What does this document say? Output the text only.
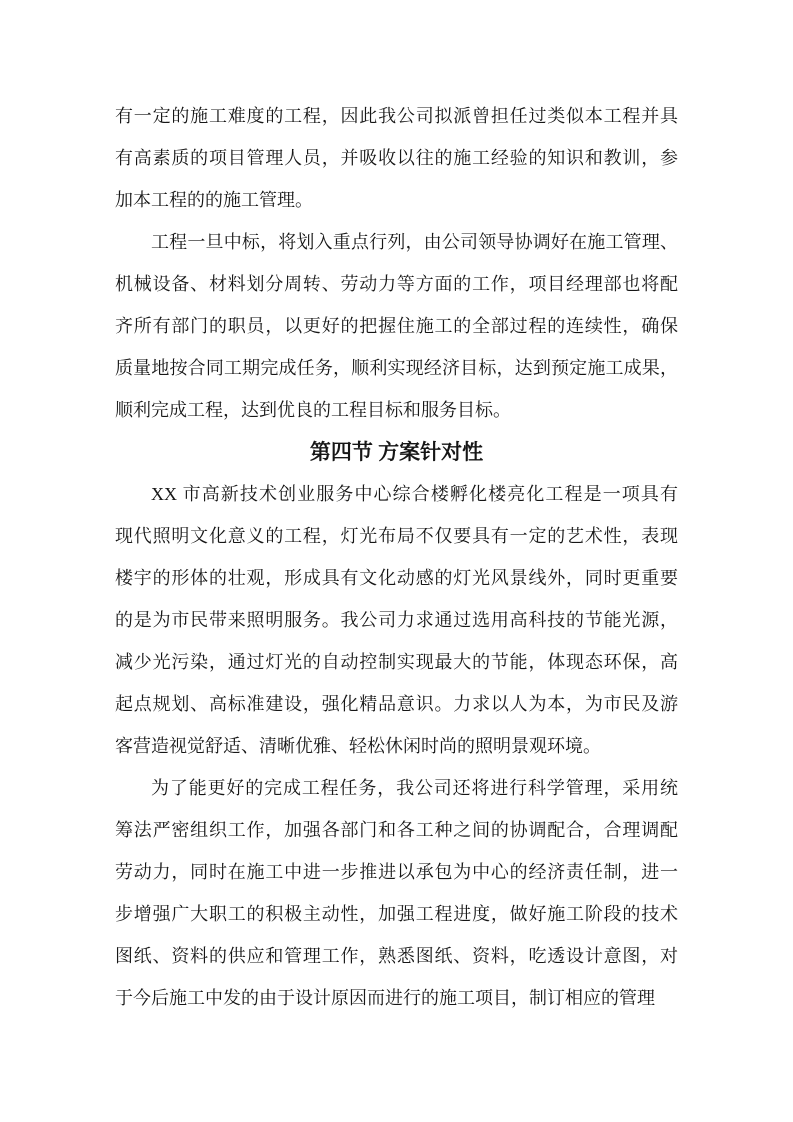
有一定的施工难度的工程，因此我公司拟派曾担任过类似本工程并具
有高素质的项目管理人员，并吸收以往的施工经验的知识和教训，参
加本工程的的施工管理。
工程一旦中标，将划入重点行列，由公司领导协调好在施工管理、
机械设备、材料划分周转、劳动力等方面的工作，项目经理部也将配
齐所有部门的职员，以更好的把握住施工的全部过程的连续性，确保
质量地按合同工期完成任务，顺利实现经济目标，达到预定施工成果，
顺利完成工程，达到优良的工程目标和服务目标。
第四节 方案针对性
XX 市高新技术创业服务中心综合楼孵化楼亮化工程是一项具有
现代照明文化意义的工程，灯光布局不仅要具有一定的艺术性，表现
楼宇的形体的壮观，形成具有文化动感的灯光风景线外，同时更重要
的是为市民带来照明服务。我公司力求通过选用高科技的节能光源，
减少光污染，通过灯光的自动控制实现最大的节能，体现态环保，高
起点规划、高标准建设，强化精品意识。力求以人为本，为市民及游
客营造视觉舒适、清晰优雅、轻松休闲时尚的照明景观环境。
为了能更好的完成工程任务，我公司还将进行科学管理，采用统
筹法严密组织工作，加强各部门和各工种之间的协调配合，合理调配
劳动力，同时在施工中进一步推进以承包为中心的经济责任制，进一
步增强广大职工的积极主动性，加强工程进度，做好施工阶段的技术
图纸、资料的供应和管理工作，熟悉图纸、资料，吃透设计意图，对
于今后施工中发的由于设计原因而进行的施工项目，制订相应的管理
